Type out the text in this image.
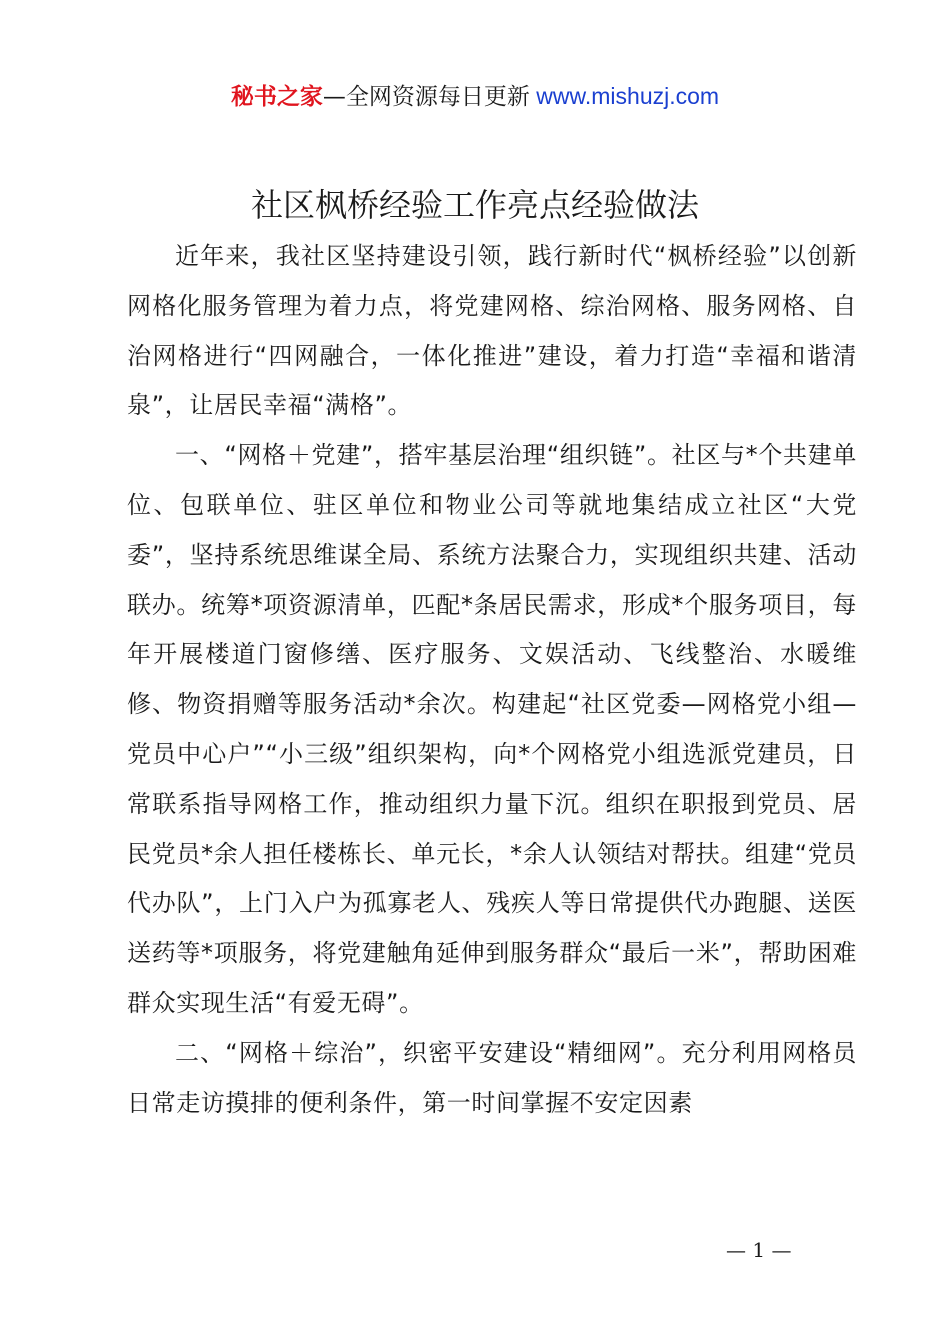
秘书之家—全网资源每日更新 www.mishuzj.com
社区枫桥经验工作亮点经验做法

近年来，我社区坚持建设引领，践行新时代“枫桥经验”以创新网格化服务管理为着力点，将党建网格、综治网格、服务网格、自治网格进行“四网融合，一体化推进”建设，着力打造“幸福和谐清泉”，让居民幸福“满格”。

一、“网格＋党建”，搭牢基层治理“组织链”。社区与*个共建单位、包联单位、驻区单位和物业公司等就地集结成立社区“大党委”，坚持系统思维谋全局、系统方法聚合力，实现组织共建、活动联办。统筹*项资源清单，匹配*条居民需求，形成*个服务项目，每年开展楼道门窗修缮、医疗服务、文娱活动、飞线整治、水暖维修、物资捐赠等服务活动*余次。构建起“社区党委—网格党小组—党员中心户”“小三级”组织架构，向*个网格党小组选派党建员，日常联系指导网格工作，推动组织力量下沉。组织在职报到党员、居民党员*余人担任楼栋长、单元长，*余人认领结对帮扶。组建“党员代办队”，上门入户为孤寡老人、残疾人等日常提供代办跑腿、送医送药等*项服务，将党建触角延伸到服务群众“最后一米”，帮助困难群众实现生活“有爱无碍”。

二、“网格＋综治”，织密平安建设“精细网”。充分利用网格员日常走访摸排的便利条件，第一时间掌握不安定因素

— 1 —
